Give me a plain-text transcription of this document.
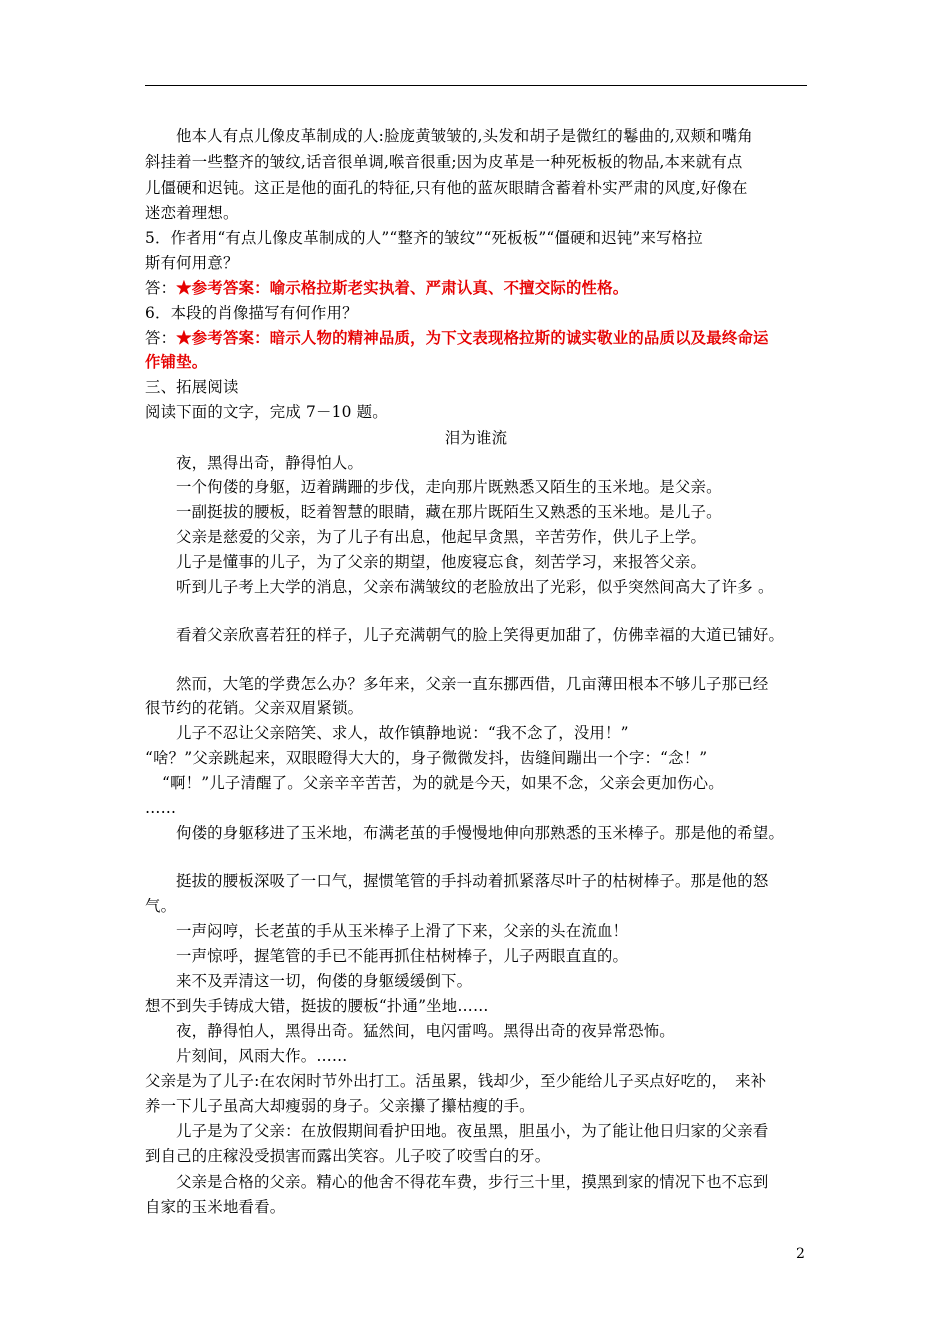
他本人有点儿像皮革制成的人:脸庞黄皱皱的,头发和胡子是微红的鬈曲的,双颊和嘴角
斜挂着一些整齐的皱纹,话音很单调,喉音很重;因为皮革是一种死板板的物品,本来就有点
儿僵硬和迟钝。这正是他的面孔的特征,只有他的蓝灰眼睛含蓄着朴实严肃的风度,好像在
迷恋着理想。
5．作者用“有点儿像皮革制成的人”“整齐的皱纹”“死板板”“僵硬和迟钝”来写格拉
斯有何用意？
答：★参考答案：喻示格拉斯老实执着、严肃认真、不擅交际的性格。
6．本段的肖像描写有何作用？
答：★参考答案：暗示人物的精神品质，为下文表现格拉斯的诚实敬业的品质以及最终命运
作铺垫。
三、拓展阅读
阅读下面的文字，完成 7－10 题。
泪为谁流
夜，黑得出奇，静得怕人。
一个佝偻的身躯，迈着蹒跚的步伐，走向那片既熟悉又陌生的玉米地。是父亲。
一副挺拔的腰板，眨着智慧的眼睛，藏在那片既陌生又熟悉的玉米地。是儿子。
父亲是慈爱的父亲，为了儿子有出息，他起早贪黑，辛苦劳作，供儿子上学。
儿子是懂事的儿子，为了父亲的期望，他废寝忘食，刻苦学习，来报答父亲。
听到儿子考上大学的消息，父亲布满皱纹的老脸放出了光彩，似乎突然间高大了许多 。
看着父亲欣喜若狂的样子，儿子充满朝气的脸上笑得更加甜了，仿佛幸福的大道已铺好。
然而，大笔的学费怎么办？多年来，父亲一直东挪西借，几亩薄田根本不够儿子那已经
很节约的花销。父亲双眉紧锁。
儿子不忍让父亲陪笑、求人，故作镇静地说：“我不念了，没用！”
“啥？”父亲跳起来，双眼瞪得大大的，身子微微发抖，齿缝间蹦出一个字：“念！”
“啊！”儿子清醒了。父亲辛辛苦苦，为的就是今天，如果不念，父亲会更加伤心。
……
佝偻的身躯移进了玉米地，布满老茧的手慢慢地伸向那熟悉的玉米棒子。那是他的希望。
挺拔的腰板深吸了一口气，握惯笔管的手抖动着抓紧落尽叶子的枯树棒子。那是他的怒
气。
一声闷哼，长老茧的手从玉米棒子上滑了下来，父亲的头在流血！
一声惊呼，握笔管的手已不能再抓住枯树棒子，儿子两眼直直的。
来不及弄清这一切，佝偻的身躯缓缓倒下。
想不到失手铸成大错，挺拔的腰板“扑通”坐地……
夜，静得怕人，黑得出奇。猛然间，电闪雷鸣。黑得出奇的夜异常恐怖。
片刻间，风雨大作。……
父亲是为了儿子:在农闲时节外出打工。活虽累，钱却少，至少能给儿子买点好吃的，　来补
养一下儿子虽高大却瘦弱的身子。父亲攥了攥枯瘦的手。
儿子是为了父亲：在放假期间看护田地。夜虽黑，胆虽小，为了能让他日归家的父亲看
到自己的庄稼没受损害而露出笑容。儿子咬了咬雪白的牙。
父亲是合格的父亲。精心的他舍不得花车费，步行三十里，摸黑到家的情况下也不忘到
自家的玉米地看看。
2
